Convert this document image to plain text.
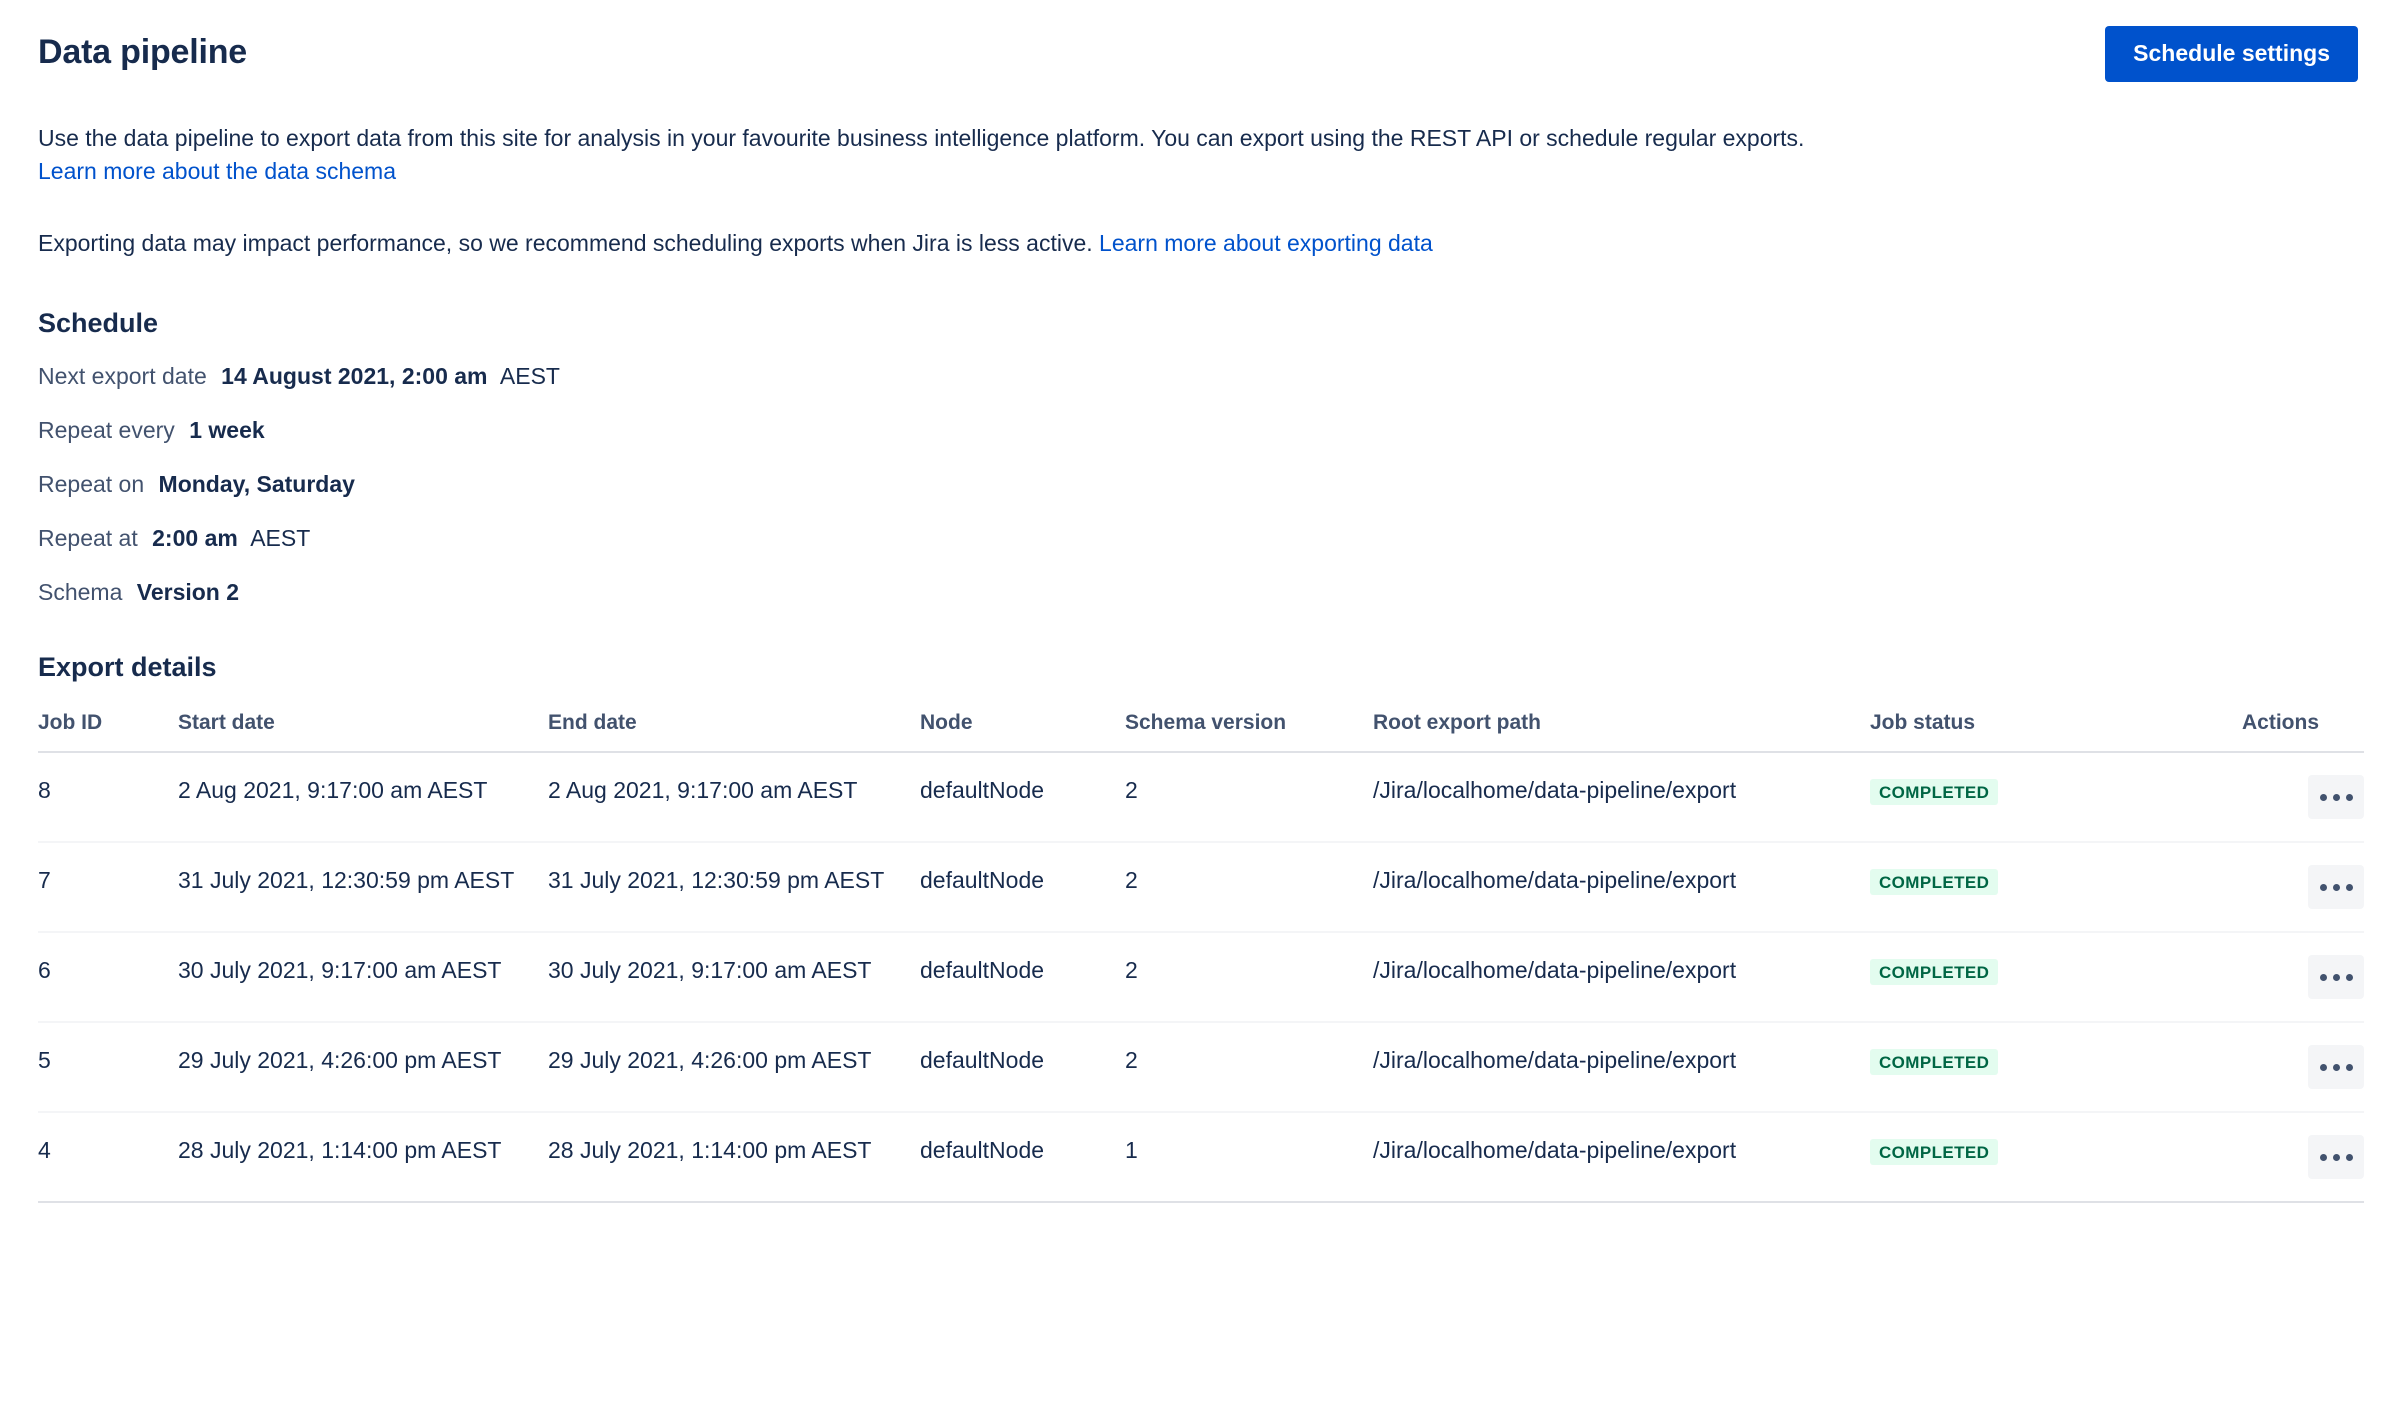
Data pipeline	Schedule settings
Use the data pipeline to export data from this site for analysis in your favourite business intelligence platform. You can export using the REST API or schedule regular exports.
Learn more about the data schema
Exporting data may impact performance, so we recommend scheduling exports when Jira is less active. Learn more about exporting data
Schedule
Next export date 14 August 2021, 2:00 am AEST
Repeat every 1 week
Repeat on Monday, Saturday
Repeat at 2:00 am AEST
Schema Version 2
Export details
Job ID	Start date	End date	Node	Schema version	Root export path	Job status	Actions
8	2 Aug 2021, 9:17:00 am AEST	2 Aug 2021, 9:17:00 am AEST	defaultNode	2	/Jira/localhome/data-pipeline/export	COMPLETED	

7	31 July 2021, 12:30:59 pm AEST	31 July 2021, 12:30:59 pm AEST	defaultNode	2	/Jira/localhome/data-pipeline/export	COMPLETED	

6	30 July 2021, 9:17:00 am AEST	30 July 2021, 9:17:00 am AEST	defaultNode	2	/Jira/localhome/data-pipeline/export	COMPLETED	

5	29 July 2021, 4:26:00 pm AEST	29 July 2021, 4:26:00 pm AEST	defaultNode	2	/Jira/localhome/data-pipeline/export	COMPLETED	

4	28 July 2021, 1:14:00 pm AEST	28 July 2021, 1:14:00 pm AEST	defaultNode	1	/Jira/localhome/data-pipeline/export	COMPLETED	
